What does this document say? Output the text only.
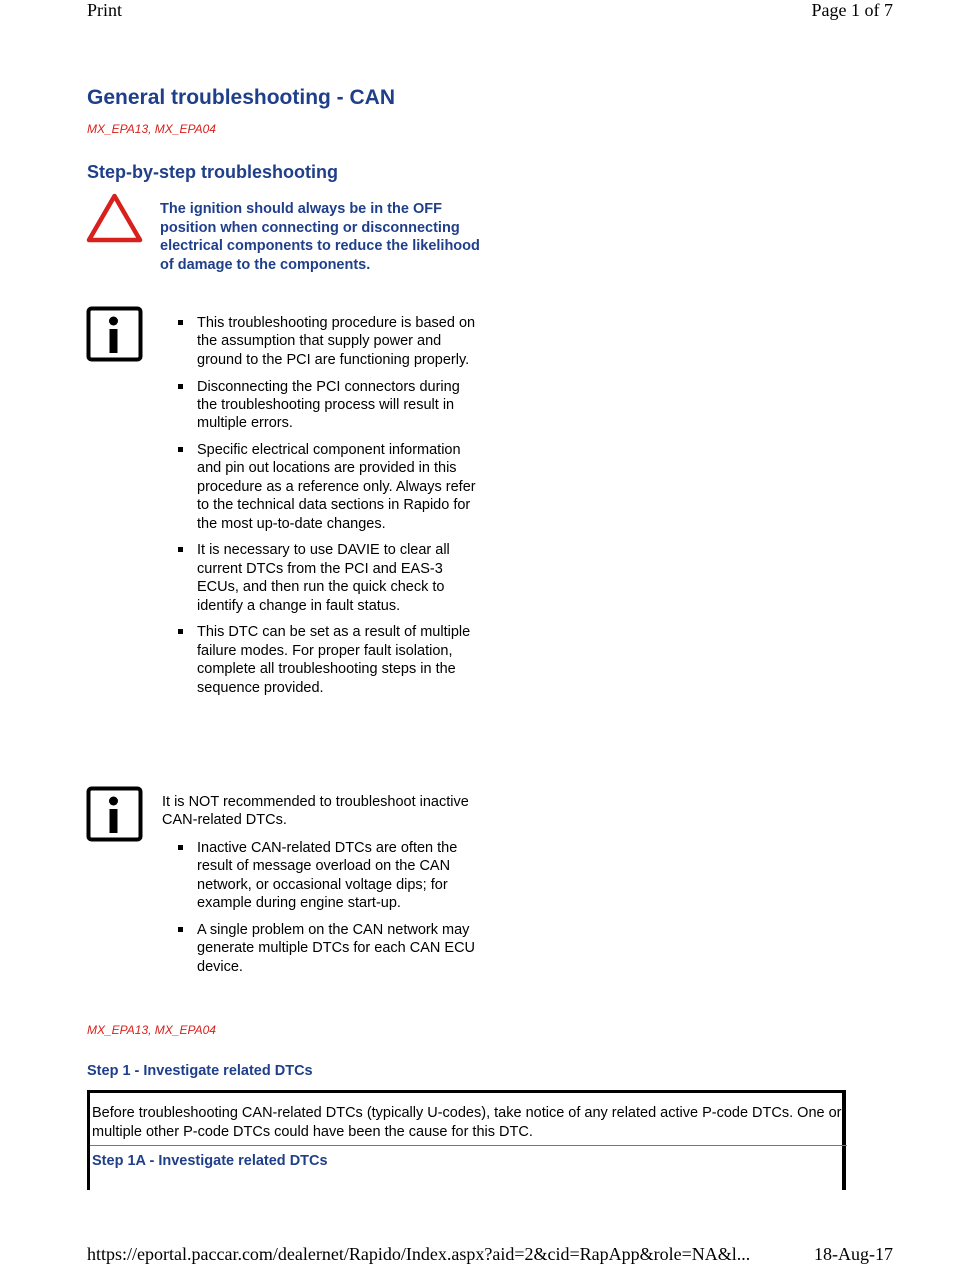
Print	Page 1 of 7
General troubleshooting - CAN
MX_EPA13, MX_EPA04
Step-by-step troubleshooting
The ignition should always be in the OFF position when connecting or disconnecting electrical components to reduce the likelihood of damage to the components.
This troubleshooting procedure is based on the assumption that supply power and ground to the PCI are functioning properly.
Disconnecting the PCI connectors during the troubleshooting process will result in multiple errors.
Specific electrical component information and pin out locations are provided in this procedure as a reference only. Always refer to the technical data sections in Rapido for the most up-to-date changes.
It is necessary to use DAVIE to clear all current DTCs from the PCI and EAS-3 ECUs, and then run the quick check to identify a change in fault status.
This DTC can be set as a result of multiple failure modes. For proper fault isolation, complete all troubleshooting steps in the sequence provided.
It is NOT recommended to troubleshoot inactive CAN-related DTCs.
Inactive CAN-related DTCs are often the result of message overload on the CAN network, or occasional voltage dips; for example during engine start-up.
A single problem on the CAN network may generate multiple DTCs for each CAN ECU device.
MX_EPA13, MX_EPA04
Step 1 - Investigate related DTCs
Before troubleshooting CAN-related DTCs (typically U-codes), take notice of any related active P-code DTCs. One or multiple other P-code DTCs could have been the cause for this DTC.
Step 1A - Investigate related DTCs
https://eportal.paccar.com/dealernet/Rapido/Index.aspx?aid=2&cid=RapApp&role=NA&l...	18-Aug-17
